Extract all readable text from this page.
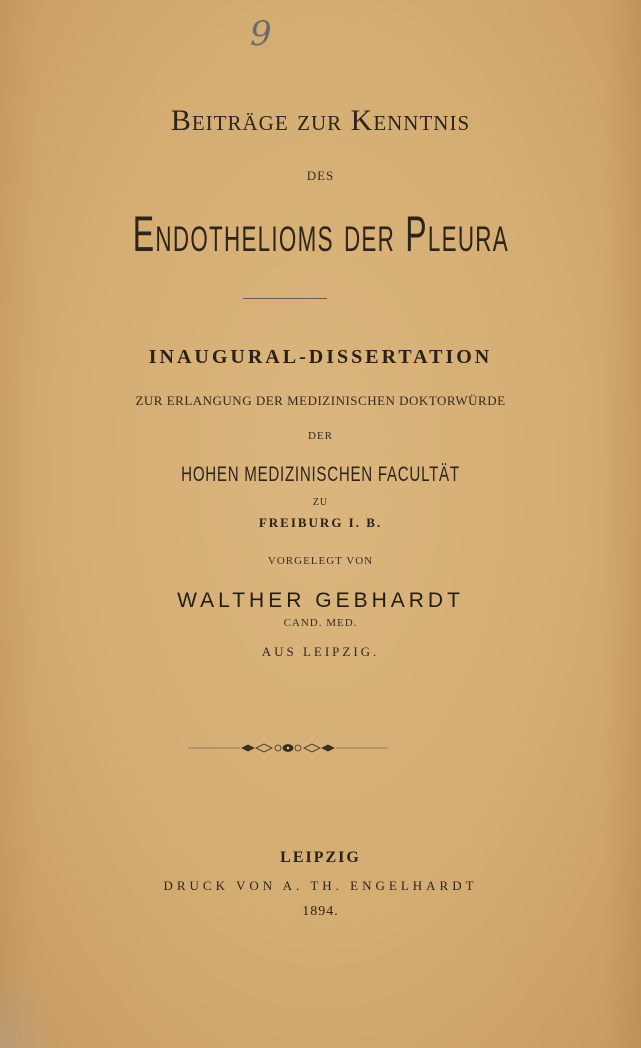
9
Beiträge zur Kenntnis
DES
Endothelioms der Pleura
INAUGURAL-DISSERTATION
ZUR ERLANGUNG DER MEDIZINISCHEN DOKTORWÜRDE
DER
HOHEN MEDIZINISCHEN FACULTÄT
ZU
FREIBURG I. B.
VORGELEGT VON
WALTHER GEBHARDT
CAND. MED.
AUS LEIPZIG.
LEIPZIG
DRUCK VON A. TH. ENGELHARDT
1894.
